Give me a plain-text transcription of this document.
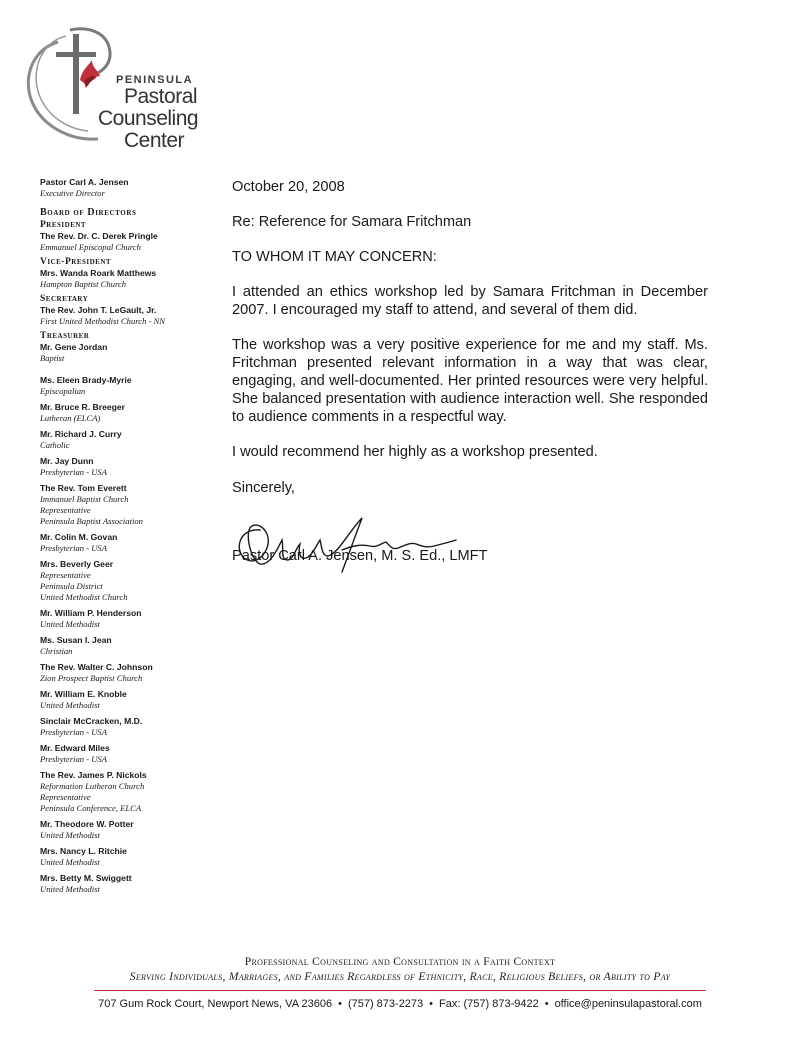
PENINSULA
Pastoral
Counseling
Center
Pastor Carl A. Jensen
Executive Director
Board of Directors
President
The Rev. Dr. C. Derek Pringle
Emmanuel Episcopal Church
Vice-President
Mrs. Wanda Roark Matthews
Hampton Baptist Church
Secretary
The Rev. John T. LeGault, Jr.
First United Methodist Church - NN
Treasurer
Mr. Gene Jordan
Baptist
Ms. Eleen Brady-Myrie
Episcopalian
Mr. Bruce R. Breeger
Lutheran (ELCA)
Mr. Richard J. Curry
Catholic
Mr. Jay Dunn
Presbyterian - USA
The Rev. Tom Everett
Immanuel Baptist Church
Representative
Peninsula Baptist Association
Mr. Colin M. Govan
Presbyterian - USA
Mrs. Beverly Geer
Representative
Peninsula District
United Methodist Church
Mr. William P. Henderson
United Methodist
Ms. Susan I. Jean
Christian
The Rev. Walter C. Johnson
Zion Prospect Baptist Church
Mr. William E. Knoble
United Methodist
Sinclair McCracken, M.D.
Presbyterian - USA
Mr. Edward Miles
Presbyterian - USA
The Rev. James P. Nickols
Reformation Lutheran Church
Representative
Peninsula Conference, ELCA
Mr. Theodore W. Potter
United Methodist
Mrs. Nancy L. Ritchie
United Methodist
Mrs. Betty M. Swiggett
United Methodist

October 20, 2008

Re: Reference for Samara Fritchman

TO WHOM IT MAY CONCERN:

I attended an ethics workshop led by Samara Fritchman in December 2007. I encouraged my staff to attend, and several of them did.

The workshop was a very positive experience for me and my staff. Ms. Fritchman presented relevant information in a way that was clear, engaging, and well-documented. Her printed resources were very helpful. She balanced presentation with audience interaction well. She responded to audience comments in a respectful way.

I would recommend her highly as a workshop presented.

Sincerely,

Pastor Carl A. Jensen, M. S. Ed., LMFT

Professional Counseling and Consultation in a Faith Context
Serving Individuals, Marriages, and Families Regardless of Ethnicity, Race, Religious Beliefs, or Ability to Pay
707 Gum Rock Court, Newport News, VA 23606 • (757) 873-2273 • Fax: (757) 873-9422 • office@peninsulapastoral.com
